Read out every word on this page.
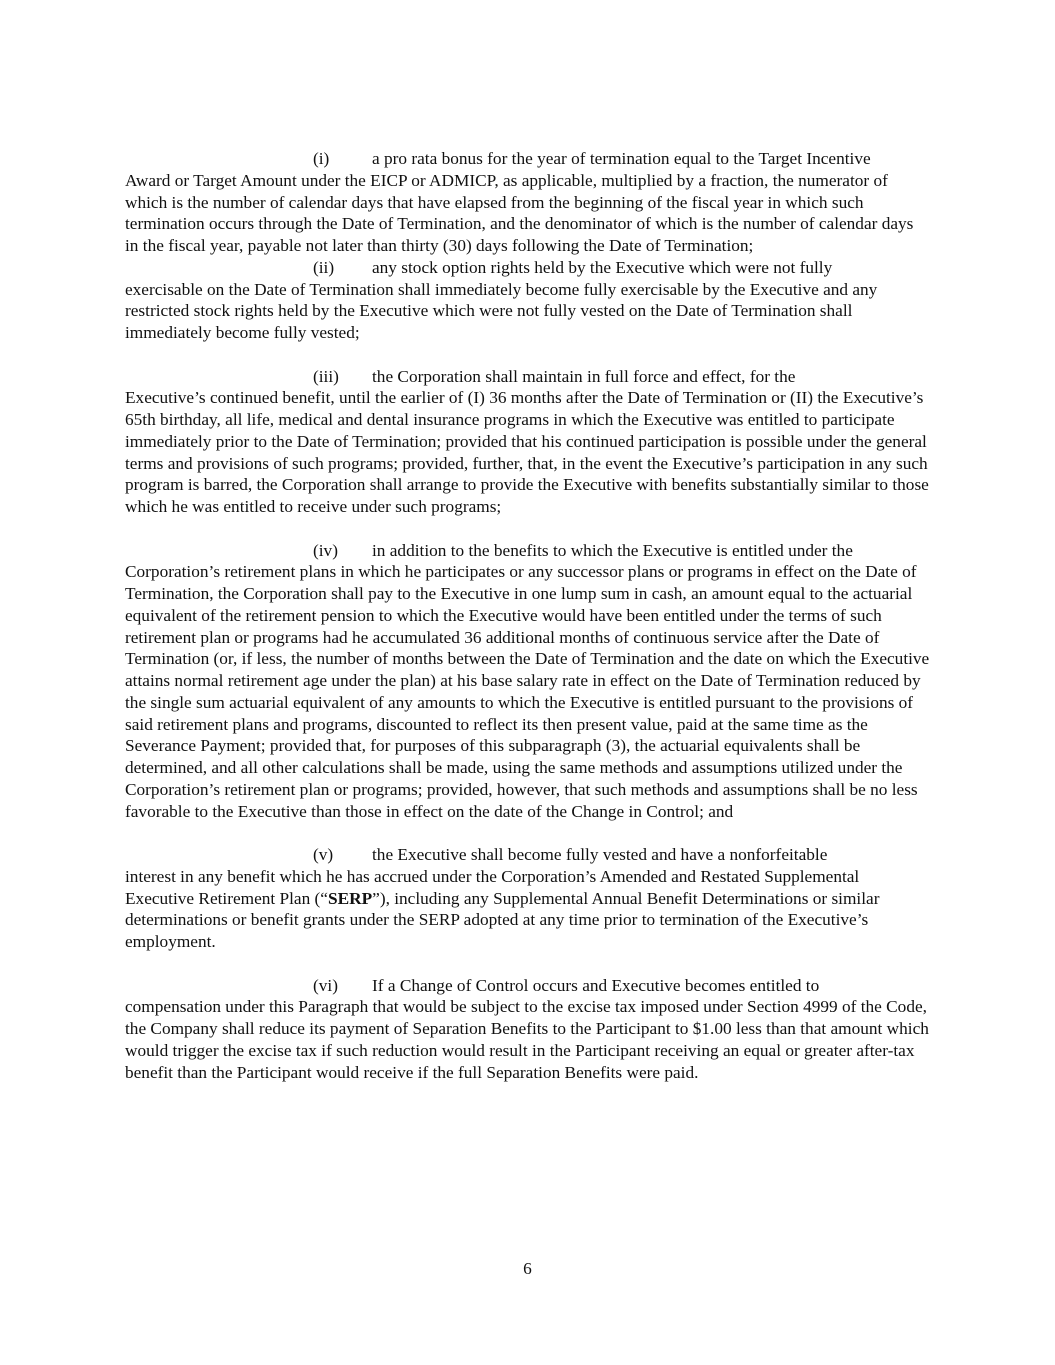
(i) a pro rata bonus for the year of termination equal to the Target Incentive
Award or Target Amount under the EICP or ADMICP, as applicable, multiplied by a fraction, the numerator of which is the number of calendar days that have elapsed from the beginning of the fiscal year in which such termination occurs through the Date of Termination, and the denominator of which is the number of calendar days in the fiscal year, payable not later than thirty (30) days following the Date of Termination;

(ii) any stock option rights held by the Executive which were not fully
exercisable on the Date of Termination shall immediately become fully exercisable by the Executive and any restricted stock rights held by the Executive which were not fully vested on the Date of Termination shall immediately become fully vested;

(iii) the Corporation shall maintain in full force and effect, for the
Executive’s continued benefit, until the earlier of (I) 36 months after the Date of Termination or (II) the Executive’s 65th birthday, all life, medical and dental insurance programs in which the Executive was entitled to participate immediately prior to the Date of Termination; provided that his continued participation is possible under the general terms and provisions of such programs; provided, further, that, in the event the Executive’s participation in any such program is barred, the Corporation shall arrange to provide the Executive with benefits substantially similar to those which he was entitled to receive under such programs;

(iv) in addition to the benefits to which the Executive is entitled under the
Corporation’s retirement plans in which he participates or any successor plans or programs in effect on the Date of Termination, the Corporation shall pay to the Executive in one lump sum in cash, an amount equal to the actuarial equivalent of the retirement pension to which the Executive would have been entitled under the terms of such retirement plan or programs had he accumulated 36 additional months of continuous service after the Date of Termination (or, if less, the number of months between the Date of Termination and the date on which the Executive attains normal retirement age under the plan) at his base salary rate in effect on the Date of Termination reduced by the single sum actuarial equivalent of any amounts to which the Executive is entitled pursuant to the provisions of said retirement plans and programs, discounted to reflect its then present value, paid at the same time as the Severance Payment; provided that, for purposes of this subparagraph (3), the actuarial equivalents shall be determined, and all other calculations shall be made, using the same methods and assumptions utilized under the Corporation’s retirement plan or programs; provided, however, that such methods and assumptions shall be no less favorable to the Executive than those in effect on the date of the Change in Control; and

(v) the Executive shall become fully vested and have a nonforfeitable
interest in any benefit which he has accrued under the Corporation’s Amended and Restated Supplemental Executive Retirement Plan (“SERP”), including any Supplemental Annual Benefit Determinations or similar determinations or benefit grants under the SERP adopted at any time prior to termination of the Executive’s employment.

(vi) If a Change of Control occurs and Executive becomes entitled to
compensation under this Paragraph that would be subject to the excise tax imposed under Section 4999 of the Code, the Company shall reduce its payment of Separation Benefits to the Participant to $1.00 less than that amount which would trigger the excise tax if such reduction would result in the Participant receiving an equal or greater after-tax benefit than the Participant would receive if the full Separation Benefits were paid.

6
